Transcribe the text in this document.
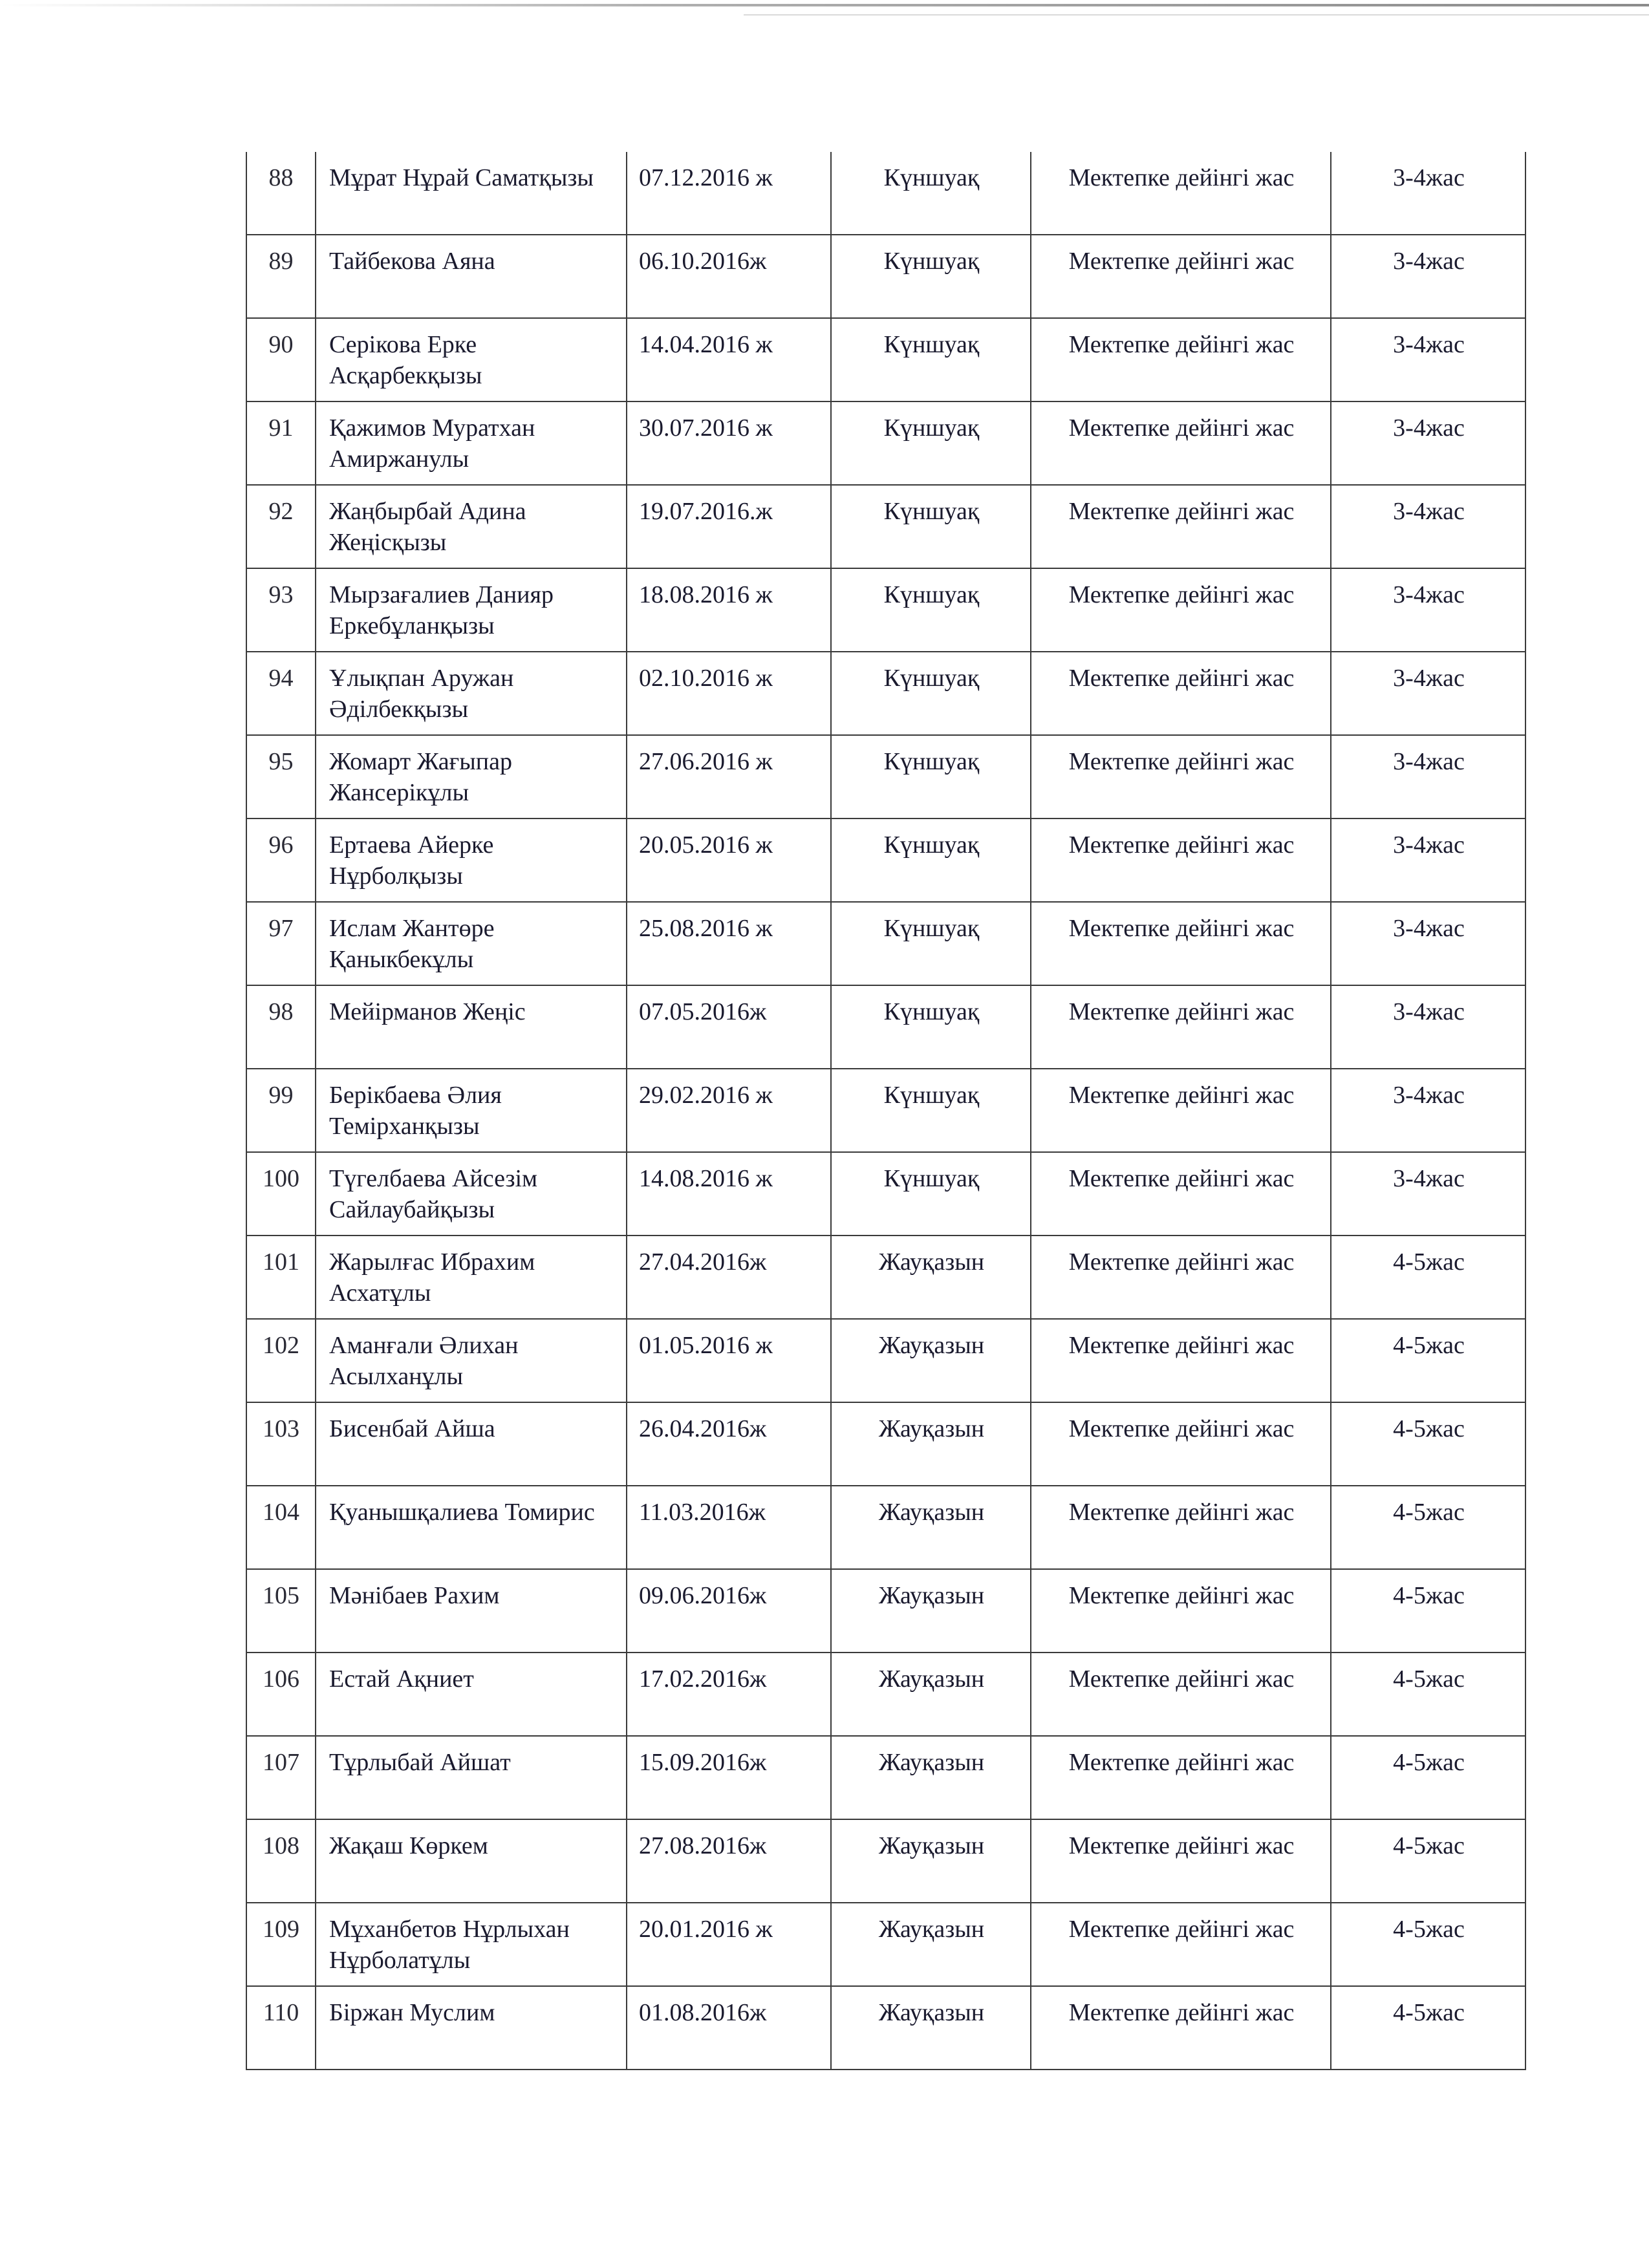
88	Мұрат Нұрай Саматқызы	07.12.2016 ж	Күншуақ	Мектепке дейінгі жас	3-4жас
89	Тайбекова Аяна	06.10.2016ж	Күншуақ	Мектепке дейінгі жас	3-4жас
90	Серікова Ерке Асқарбекқызы	14.04.2016 ж	Күншуақ	Мектепке дейінгі жас	3-4жас
91	Қажимов Муратхан Амиржанулы	30.07.2016 ж	Күншуақ	Мектепке дейінгі жас	3-4жас
92	Жаңбырбай Адина Жеңісқызы	19.07.2016.ж	Күншуақ	Мектепке дейінгі жас	3-4жас
93	Мырзағалиев Данияр Еркебұланқызы	18.08.2016 ж	Күншуақ	Мектепке дейінгі жас	3-4жас
94	Ұлықпан Аружан Әділбекқызы	02.10.2016 ж	Күншуақ	Мектепке дейінгі жас	3-4жас
95	Жомарт Жағыпар Жансерікұлы	27.06.2016 ж	Күншуақ	Мектепке дейінгі жас	3-4жас
96	Ертаева Айерке Нұрболқызы	20.05.2016 ж	Күншуақ	Мектепке дейінгі жас	3-4жас
97	Ислам Жантөре Қаныкбекұлы	25.08.2016 ж	Күншуақ	Мектепке дейінгі жас	3-4жас
98	Мейірманов Жеңіс	07.05.2016ж	Күншуақ	Мектепке дейінгі жас	3-4жас
99	Берікбаева Әлия Темірханқызы	29.02.2016 ж	Күншуақ	Мектепке дейінгі жас	3-4жас
100	Түгелбаева Айсезім Сайлаубайқызы	14.08.2016 ж	Күншуақ	Мектепке дейінгі жас	3-4жас
101	Жарылғас Ибрахим Асхатұлы	27.04.2016ж	Жауқазын	Мектепке дейінгі жас	4-5жас
102	Аманғали Әлихан Асылханұлы	01.05.2016 ж	Жауқазын	Мектепке дейінгі жас	4-5жас
103	Бисенбай Айша	26.04.2016ж	Жауқазын	Мектепке дейінгі жас	4-5жас
104	Қуанышқалиева Томирис	11.03.2016ж	Жауқазын	Мектепке дейінгі жас	4-5жас
105	Мәнібаев Рахим	09.06.2016ж	Жауқазын	Мектепке дейінгі жас	4-5жас
106	Естай Ақниет	17.02.2016ж	Жауқазын	Мектепке дейінгі жас	4-5жас
107	Тұрлыбай Айшат	15.09.2016ж	Жауқазын	Мектепке дейінгі жас	4-5жас
108	Жақаш Көркем	27.08.2016ж	Жауқазын	Мектепке дейінгі жас	4-5жас
109	Мұханбетов Нұрлыхан Нұрболатұлы	20.01.2016 ж	Жауқазын	Мектепке дейінгі жас	4-5жас
110	Біржан Муслим	01.08.2016ж	Жауқазын	Мектепке дейінгі жас	4-5жас
